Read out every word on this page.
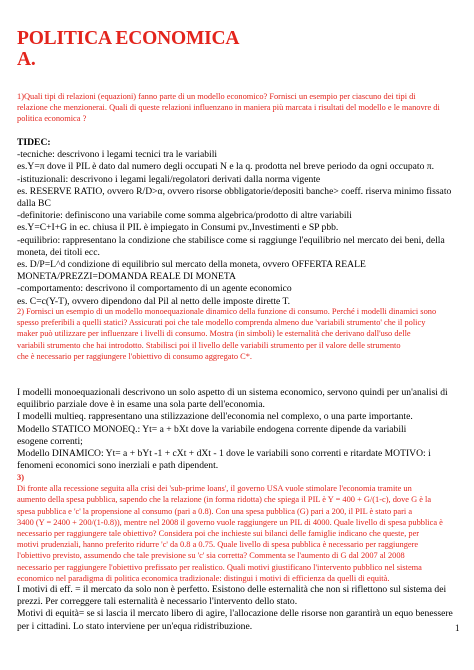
POLITICA ECONOMICA
A.
1)Quali tipi di relazioni (equazioni) fanno parte di un modello economico? Fornisci un esempio per ciascuno dei tipi di
relazione che menzionerai. Quali di queste relazioni influenzano in maniera più marcata i risultati del modello e le manovre di
politica economica ?
TIDEC:
-tecniche: descrivono i legami tecnici tra le variabili
es.Y=π dove il PIL è dato dal numero degli occupati N e la q. prodotta nel breve periodo da ogni occupato π.
-istituzionali: descrivono i legami legali/regolatori derivati dalla norma vigente
es. RESERVE RATIO, ovvero R/D>α, ovvero risorse obbligatorie/depositi banche> coeff. riserva minimo fissato
dalla BC
-definitorie: definiscono una variabile come somma algebrica/prodotto di altre variabili
es.Y=C+I+G in ec. chiusa il PIL è impiegato in Consumi pv.,Investimenti e SP pbb.
-equilibrio: rappresentano la condizione che stabilisce come si raggiunge l'equilibrio nel mercato dei beni, della
moneta, dei titoli ecc.
es. D/P=L^d condizione di equilibrio sul mercato della moneta, ovvero OFFERTA REALE
MONETA/PREZZI=DOMANDA REALE DI MONETA
-comportamento: descrivono il comportamento di un agente economico
es. C=c(Y-T), ovvero dipendono dal Pil al netto delle imposte dirette T.
2) Fornisci un esempio di un modello monoequazionale dinamico della funzione di consumo. Perché i modelli dinamici sono
spesso preferibili a quelli statici? Assicurati poi che tale modello comprenda almeno due 'variabili strumento' che il policy
maker può utilizzare per influenzare i livelli di consumo. Mostra (in simboli) le esternalità che derivano dall'uso delle
variabili strumento che hai introdotto. Stabilisci poi il livello delle variabili strumento per il valore delle strumento
che è necessario per raggiungere l'obiettivo di consumo aggregato C*.
I modelli monoequazionali descrivono un solo aspetto di un sistema economico, servono quindi per un'analisi di
equilibrio parziale dove è in esame una sola parte dell'economia.
I modelli multieq. rappresentano una stilizzazione dell'economia nel complexo, o una parte importante.
Modello STATICO MONOEQ.: Yt= a + bXt dove la variabile endogena corrente dipende da variabili
esogene correnti;
Modello DINAMICO: Yt= a + bYt -1 + cXt + dXt - 1 dove le variabili sono correnti e ritardate MOTIVO: i
fenomeni economici sono inerziali e path dipendent.
3)
Di fronte alla recessione seguita alla crisi dei 'sub-prime loans', il governo USA vuole stimolare l'economia tramite un
aumento della spesa pubblica, sapendo che la relazione (in forma ridotta) che spiega il PIL è Y = 400 + G/(1-c), dove G è la
spesa pubblica e 'c' la propensione al consumo (pari a 0.8). Con una spesa pubblica (G) pari a 200, il PIL è stato pari a
3400 (Y = 2400 + 200/(1-0.8)), mentre nel 2008 il governo vuole raggiungere un PIL di 4000. Quale livello di spesa pubblica è
necessario per raggiungere tale obiettivo? Considera poi che inchieste sui bilanci delle famiglie indicano che queste, per
motivi prudenziali, hanno preferito ridurre 'c' da 0.8 a 0.75. Quale livello di spesa pubblica è necessario per raggiungere
l'obiettivo previsto, assumendo che tale previsione su 'c' sia corretta? Commenta se l'aumento di G dal 2007 al 2008
necessario per raggiungere l'obiettivo prefissato per realistico. Quali motivi giustificano l'intervento pubblico nel sistema
economico nel paradigma di politica economica tradizionale: distingui i motivi di efficienza da quelli di equità.
I motivi di eff. = il mercato da solo non è perfetto. Esistono delle esternalità che non si riflettono sul sistema dei
prezzi. Per correggere tali esternalità è necessario l'intervento dello stato.
Motivi di equità= se si lascia il mercato libero di agire, l'allocazione delle risorse non garantirà un equo benessere
per i cittadini. Lo stato interviene per un'equa ridistribuzione.	1
